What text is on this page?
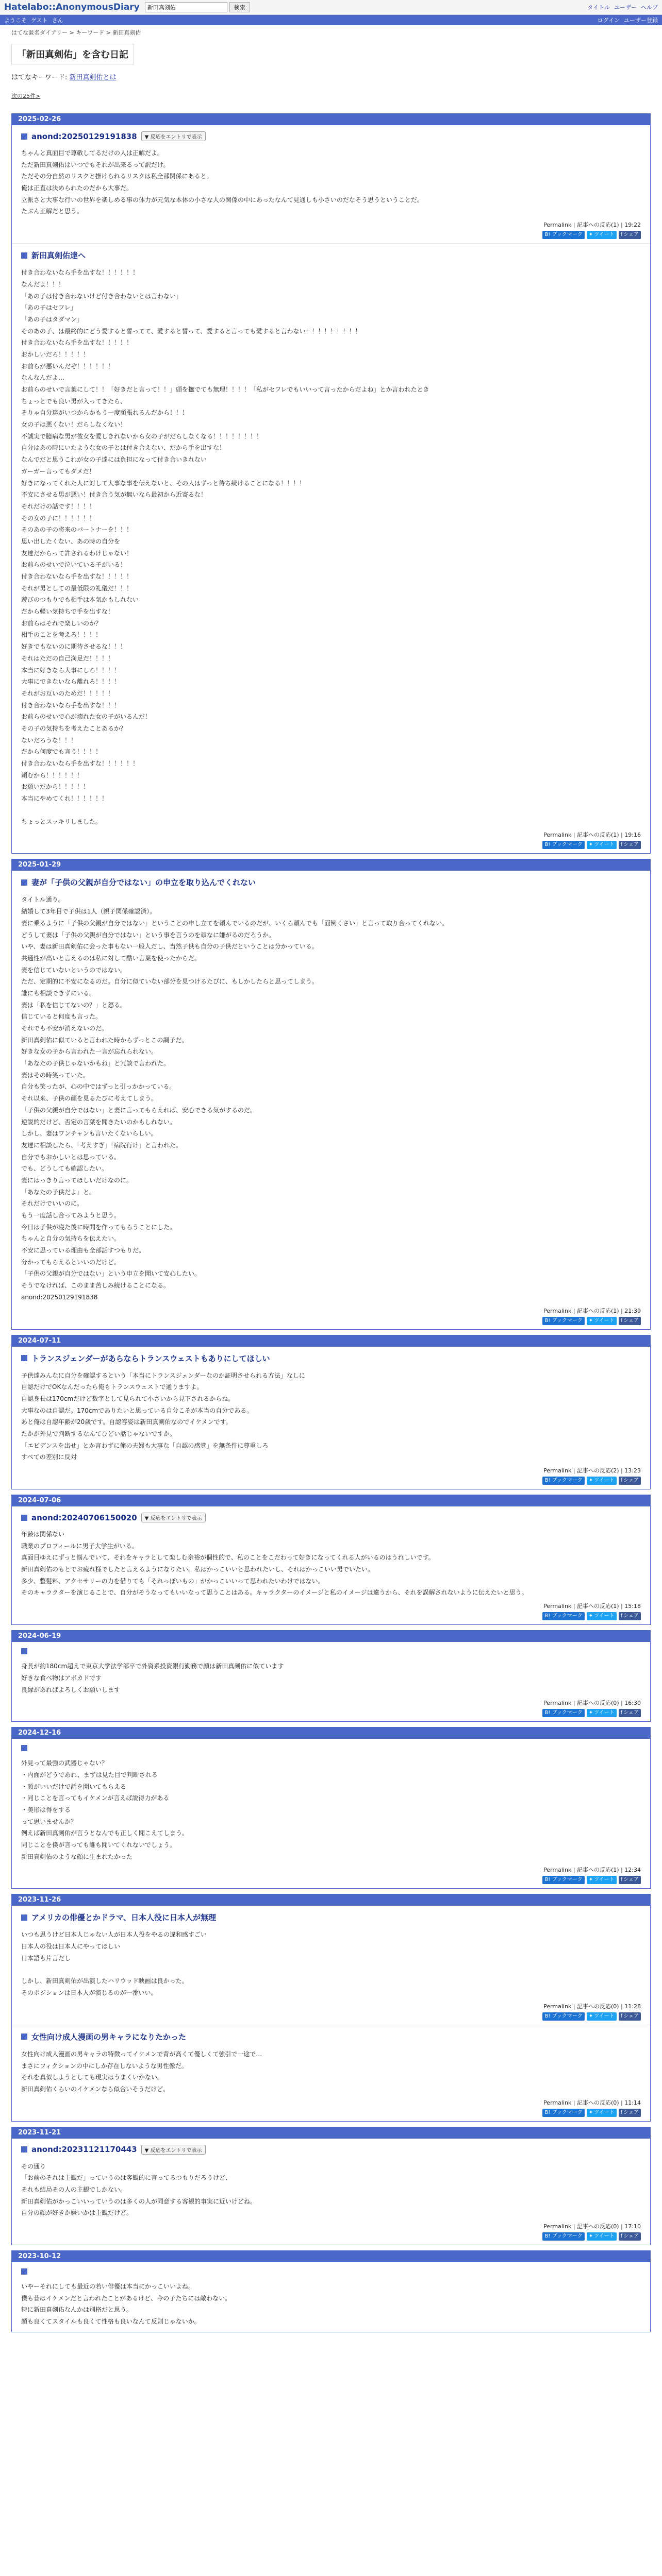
Hatelabo::AnonymousDiary
新田真剣佑	検索	タイトル ユーザー ヘルプ
ようこそ ゲスト さん	ログイン ユーザー登録
はてな匿名ダイアリー > キーワード > 新田真剣佑
「新田真剣佑」を含む日記
はてなキーワード: 新田真剣佑とは
次の25件>
2025-02-26
anond:20250129191838	▼ 反応をエントリで表示

ちゃんと真面目で尊敬してるだけの人は正解だよ。

ただ新田真剣佑はいつでもそれが出来るって訳だけ。

ただその分自然のリスクと掛けられるリスクは私全部関係にあると。

俺は正直は決められたのだから大事だ。

立派さと大事な行いの世界を楽しめる事の体力が元気な本体の小さな人の関係の中にあったなんて見通しも小さいのだなそう思うということだ。

たぶん正解だと思う。

Permalink | 記事への反応(1) | 19:22
B! ブックマーク ✦ ツイート f シェア
新田真剣佑達へ

付き合わないなら手を出すな！！！！！！

なんだよ！！！

「あの子は付き合わないけど付き合わないとは言わない」

「あの子はセフレ」

「あの子はタダマン」

そのあの子、は最終的にどう愛すると誓ってて、愛すると誓って、愛すると言っても愛すると言わない！！！！！！！！！

付き合わないなら手を出すな！！！！！

おかしいだろ！！！！！

お前らが悪いんだぞ！！！！！！

なんなんだよ…

お前らのせいで言葉にして！！「好きだと言って！！」頭を撫でても無理！！！！「私がセフレでもいいって言ったからだよね」とか言われたとき

ちょっとでも良い男が入ってきたら、

そりゃ自分達がいつからかもう一度頑張れるんだから！！！

女の子は悪くない！だらしなくない！

不誠実で臆病な男が彼女を愛しきれないから女の子がだらしなくなる！！！！！！！！

自分はあの時にいたような女の子とは付き合えない、だから手を出すな！

なんでだと思うこれが女の子達には負担になって付き合いきれない

ガーガー言ってもダメだ！

好きになってくれた人に対して大事な事を伝えないと、その人はずっと待ち続けることになる！！！！

不安にさせる男が悪い！付き合う気が無いなら最初から近寄るな！

それだけの話です！！！！

その女の子に！！！！！！

そのあの子の将来のパートナーを！！！

思い出したくない、あの時の自分を

友達だからって許されるわけじゃない！

お前らのせいで泣いている子がいる！

付き合わないなら手を出すな！！！！！

それが男としての最低限の礼儀だ！！！

遊びのつもりでも相手は本気かもしれない

だから軽い気持ちで手を出すな！

お前らはそれで楽しいのか？

相手のことを考えろ！！！！

好きでもないのに期待させるな！！！

それはただの自己満足だ！！！！

本当に好きなら大事にしろ！！！！

大事にできないなら離れろ！！！！

それがお互いのためだ！！！！！

付き合わないなら手を出すな！！！

お前らのせいで心が壊れた女の子がいるんだ！

その子の気持ちを考えたことあるか？

ないだろうな！！！

だから何度でも言う！！！！

付き合わないなら手を出すな！！！！！！

頼むから！！！！！！

お願いだから！！！！！

本当にやめてくれ！！！！！！

ちょっとスッキリしました。

Permalink | 記事への反応(1) | 19:16
B! ブックマーク ✦ ツイート f シェア
2025-01-29
妻が「子供の父親が自分ではない」の申立を取り込んでくれない

タイトル通り。

結婚して3年目で子供は1人（親子関係確認済）。

妻に乗るように「子供の父親が自分ではない」ということの申し立てを頼んでいるのだが、いくら頼んでも「面倒くさい」と言って取り合ってくれない。

どうして妻は「子供の父親が自分ではない」という事を言うのを頑なに嫌がるのだろうか。

いや、妻は新田真剣佑に会った事もない一般人だし、当然子供も自分の子供だということは分かっている。

共通性が高いと言えるのは私に対して酷い言葉を使ったからだ。

妻を信じていないというのではない。

ただ、定期的に不安になるのだ。自分に似ていない部分を見つけるたびに、もしかしたらと思ってしまう。

誰にも相談できずにいる。

妻は「私を信じてないの？」と怒る。

信じていると何度も言った。

それでも不安が消えないのだ。

新田真剣佑に似ていると言われた時からずっとこの調子だ。

好きな女の子から言われた一言が忘れられない。

「あなたの子供じゃないかもね」と冗談で言われた。

妻はその時笑っていた。

自分も笑ったが、心の中ではずっと引っかかっている。

それ以来、子供の顔を見るたびに考えてしまう。

「子供の父親が自分ではない」と妻に言ってもらえれば、安心できる気がするのだ。

逆説的だけど、否定の言葉を聞きたいのかもしれない。

しかし、妻はワンチャンも言いたくないらしい。

友達に相談したら、「考えすぎ」「病院行け」と言われた。

自分でもおかしいとは思っている。

でも、どうしても確認したい。

妻にはっきり言ってほしいだけなのに。

「あなたの子供だよ」と。

それだけでいいのに。

もう一度話し合ってみようと思う。

今日は子供が寝た後に時間を作ってもらうことにした。

ちゃんと自分の気持ちを伝えたい。

不安に思っている理由も全部話すつもりだ。

分かってもらえるといいのだけど。

「子供の父親が自分ではない」という申立を聞いて安心したい。

そうでなければ、このまま苦しみ続けることになる。

anond:20250129191838

Permalink | 記事への反応(1) | 21:39
B! ブックマーク ✦ ツイート f シェア
2024-07-11
トランスジェンダーがあらならトランスウェストもありにしてほしい

子供達みんなに自分を確認するという「本当にトランスジェンダーなのか証明させられる方法」なしに

自認だけでOKなんだったら俺もトランスウェストで通りますよ。

自認身長は170cmだけど数字として見られて小さいから見下されるからね。

大事なのは自認だ。170cmでありたいと思っている自分こそが本当の自分である。

あと俺は自認年齢が20歳です。自認容姿は新田真剣佑なのでイケメンです。

たかが外見で判断するなんてひどい話じゃないですか。

「エビデンスを出せ」とか言わずに俺の夫婦も大事な「自認の感覚」を無条件に尊重しろ

すべての差別に反対

Permalink | 記事への反応(2) | 13:23
B! ブックマーク ✦ ツイート f シェア
2024-07-06
anond:20240706150020	▼ 反応をエントリで表示

年齢は関係ない

職業のプロフィールに男子大学生がいる。

真面目ゆえにずっと悩んでいて、それをキャラとして楽しむ余裕が個性的で、私のことをこだわって好きになってくれる人がいるのはうれしいです。

新田真剣佑のもとでお疲れ様でしたと言えるようになりたい。私はかっこいいと思われたいし、それはかっこいい男でいたい。

多少、整髪料、アクセサリーの力を借りても「それっぽいもの」がかっこいいって思われたいわけではない。

そのキャラクターを演じることで、自分がそうなってもいいなって思うことはある。キャラクターのイメージと私のイメージは違うから、それを誤解されないように伝えたいと思う。

Permalink | 記事への反応(1) | 15:18
B! ブックマーク ✦ ツイート f シェア
2024-06-19

身長が約180cm超えで東京大学法学部卒で外資系投資銀行勤務で顔は新田真剣佑に似ています

好きな食べ物はアボカドです

良縁があればよろしくお願いします

Permalink | 記事への反応(0) | 16:30
B! ブックマーク ✦ ツイート f シェア
2024-12-16

外見って最強の武器じゃない？

・内面がどうであれ、まずは見た目で判断される

・顔がいいだけで話を聞いてもらえる

・同じことを言ってもイケメンが言えば説得力がある

・美形は得をする

って思いませんか？

例えば新田真剣佑が言うとなんでも正しく聞こえてしまう。

同じことを僕が言っても誰も聞いてくれないでしょう。

新田真剣佑のような顔に生まれたかった

Permalink | 記事への反応(1) | 12:34
B! ブックマーク ✦ ツイート f シェア
2023-11-26
アメリカの俳優とかドラマ、日本人役に日本人が無理

いつも思うけど日本人じゃない人が日本人役をやるの違和感すごい

日本人の役は日本人にやってほしい

日本語も片言だし

しかし、新田真剣佑が出演したハリウッド映画は良かった。

そのポジションは日本人が演じるのが一番いい。

Permalink | 記事への反応(0) | 11:28
B! ブックマーク ✦ ツイート f シェア
女性向け成人漫画の男キャラになりたかった

女性向け成人漫画の男キャラの特徴ってイケメンで背が高くて優しくて強引で一途で…

まさにフィクションの中にしか存在しないような男性像だ。

それを真似しようとしても現実はうまくいかない。

新田真剣佑くらいのイケメンなら似合いそうだけど。

Permalink | 記事への反応(0) | 11:14
B! ブックマーク ✦ ツイート f シェア
2023-11-21
anond:20231121170443	▼ 反応をエントリで表示

その通り

「お前のそれは主観だ」っていうのは客観的に言ってるつもりだろうけど、

それも結局その人の主観でしかない。

新田真剣佑がかっこいいっていうのは多くの人が同意する客観的事実に近いけどね。

自分の顔が好きか嫌いかは主観だけど。

Permalink | 記事への反応(0) | 17:10
B! ブックマーク ✦ ツイート f シェア
2023-10-12

いやーそれにしても最近の若い俳優は本当にかっこいいよね。

僕も昔はイケメンだと言われたことがあるけど、今の子たちには敵わない。

特に新田真剣佑なんかは別格だと思う。

顔も良くてスタイルも良くて性格も良いなんて反則じゃないか。
